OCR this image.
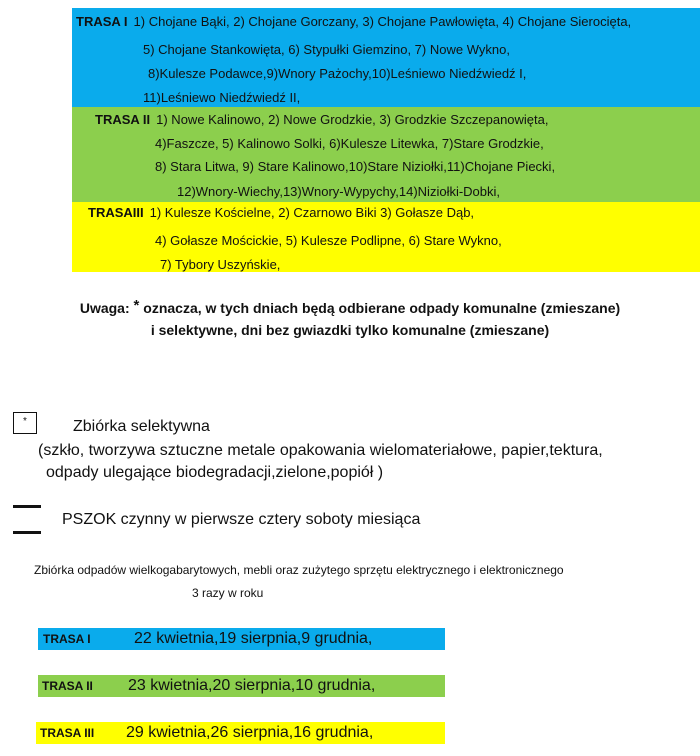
TRASA I 1) Chojane Bąki, 2) Chojane Gorczany, 3) Chojane Pawłowięta, 4) Chojane Sierocięta,
5) Chojane Stankowięta, 6) Stypułki Giemzino, 7) Nowe Wykno,
8)Kulesze Podawce,9)Wnory Pażochy,10)Leśniewo Niedźwiedź I,
11)Leśniewo Niedźwiedź II,
TRASA II 1) Nowe Kalinowo, 2) Nowe Grodzkie, 3) Grodzkie Szczepanowięta,
4)Faszcze, 5) Kalinowo Solki, 6)Kulesze Litewka, 7)Stare Grodzkie,
8) Stara Litwa, 9) Stare Kalinowo,10)Stare Niziołki,11)Chojane Piecki,
12)Wnory-Wiechy,13)Wnory-Wypychy,14)Niziołki-Dobki,
TRASAIII 1) Kulesze Kościelne, 2) Czarnowo Biki 3) Gołasze Dąb,
4) Gołasze Mościckie, 5) Kulesze Podlipne, 6) Stare Wykno,
7) Tybory Uszyńskie,
Uwaga: * oznacza, w tych dniach będą odbierane odpady komunalne (zmieszane)
i selektywne, dni bez gwiazdki tylko komunalne (zmieszane)
*	Zbiórka selektywna
(szkło, tworzywa sztuczne metale opakowania wielomateriałowe, papier,tektura,
odpady ulegające biodegradacji,zielone,popiół )
PSZOK czynny w pierwsze cztery soboty miesiąca
Zbiórka odpadów wielkogabarytowych, mebli oraz zużytego sprzętu elektrycznego i elektronicznego
3 razy w roku
TRASA I	22 kwietnia,19 sierpnia,9 grudnia,
TRASA II 23 kwietnia,20 sierpnia,10 grudnia,
TRASA III 29 kwietnia,26 sierpnia,16 grudnia,
